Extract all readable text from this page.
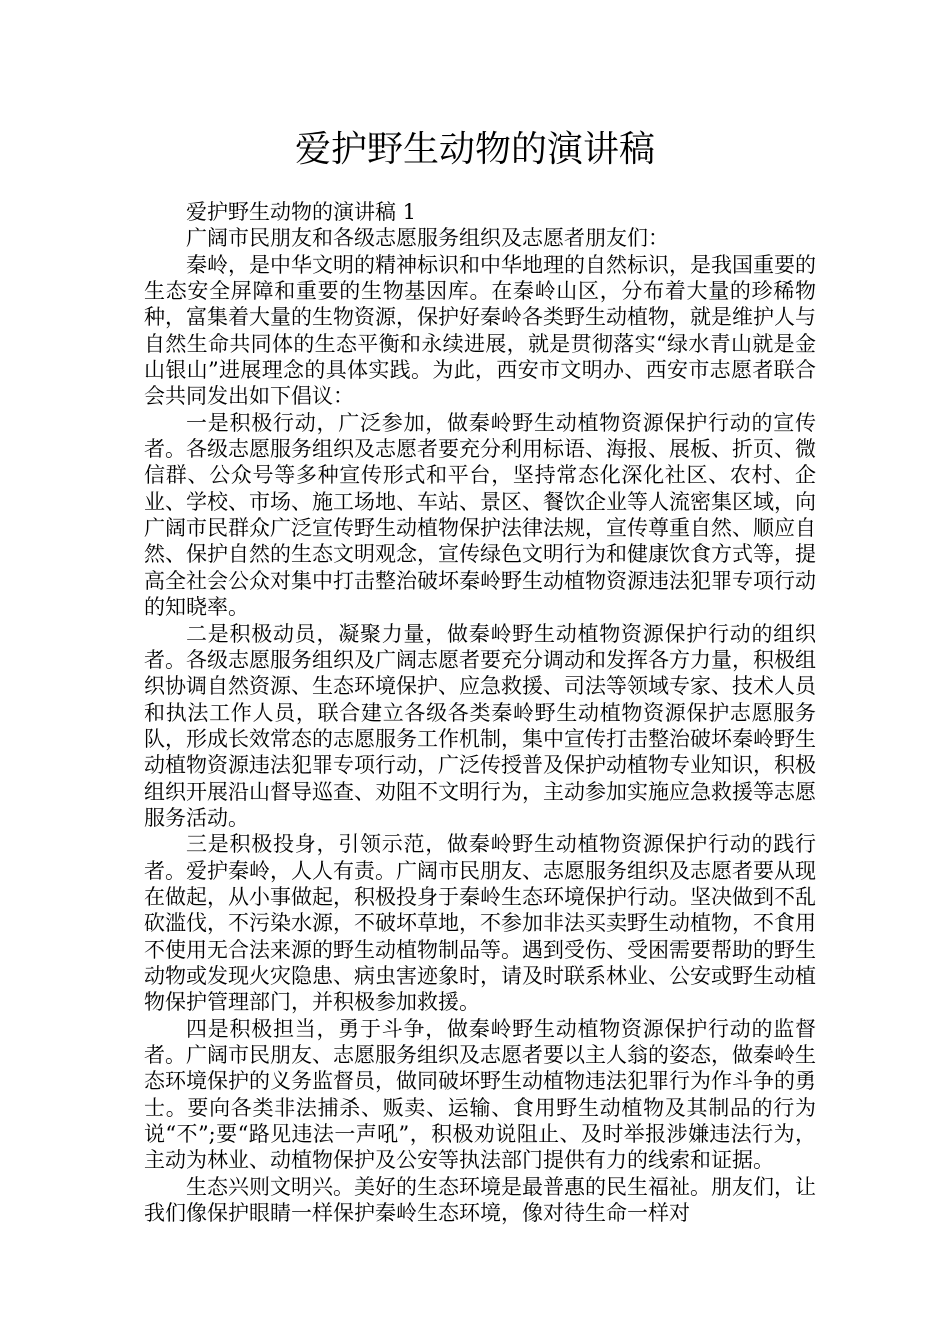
爱护野生动物的演讲稿

爱护野生动物的演讲稿 1

广阔市民朋友和各级志愿服务组织及志愿者朋友们：

秦岭，是中华文明的精神标识和中华地理的自然标识，是我国重要的生态安全屏障和重要的生物基因库。在秦岭山区，分布着大量的珍稀物种，富集着大量的生物资源，保护好秦岭各类野生动植物，就是维护人与自然生命共同体的生态平衡和永续进展，就是贯彻落实“绿水青山就是金山银山”进展理念的具体实践。为此，西安市文明办、西安市志愿者联合会共同发出如下倡议：

一是积极行动，广泛参加，做秦岭野生动植物资源保护行动的宣传者。各级志愿服务组织及志愿者要充分利用标语、海报、展板、折页、微信群、公众号等多种宣传形式和平台，坚持常态化深化社区、农村、企业、学校、市场、施工场地、车站、景区、餐饮企业等人流密集区域，向广阔市民群众广泛宣传野生动植物保护法律法规，宣传尊重自然、顺应自然、保护自然的生态文明观念，宣传绿色文明行为和健康饮食方式等，提高全社会公众对集中打击整治破坏秦岭野生动植物资源违法犯罪专项行动的知晓率。

二是积极动员，凝聚力量，做秦岭野生动植物资源保护行动的组织者。各级志愿服务组织及广阔志愿者要充分调动和发挥各方力量，积极组织协调自然资源、生态环境保护、应急救援、司法等领域专家、技术人员和执法工作人员，联合建立各级各类秦岭野生动植物资源保护志愿服务队，形成长效常态的志愿服务工作机制，集中宣传打击整治破坏秦岭野生动植物资源违法犯罪专项行动，广泛传授普及保护动植物专业知识，积极组织开展沿山督导巡查、劝阻不文明行为，主动参加实施应急救援等志愿服务活动。

三是积极投身，引领示范，做秦岭野生动植物资源保护行动的践行者。爱护秦岭，人人有责。广阔市民朋友、志愿服务组织及志愿者要从现在做起，从小事做起，积极投身于秦岭生态环境保护行动。坚决做到不乱砍滥伐，不污染水源，不破坏草地，不参加非法买卖野生动植物，不食用不使用无合法来源的野生动植物制品等。遇到受伤、受困需要帮助的野生动物或发现火灾隐患、病虫害迹象时，请及时联系林业、公安或野生动植物保护管理部门，并积极参加救援。

四是积极担当，勇于斗争，做秦岭野生动植物资源保护行动的监督者。广阔市民朋友、志愿服务组织及志愿者要以主人翁的姿态，做秦岭生态环境保护的义务监督员，做同破坏野生动植物违法犯罪行为作斗争的勇士。要向各类非法捕杀、贩卖、运输、食用野生动植物及其制品的行为说“不”;要“路见违法一声吼”，积极劝说阻止、及时举报涉嫌违法行为，主动为林业、动植物保护及公安等执法部门提供有力的线索和证据。

生态兴则文明兴。美好的生态环境是最普惠的民生福祉。朋友们，让我们像保护眼睛一样保护秦岭生态环境，像对待生命一样对
